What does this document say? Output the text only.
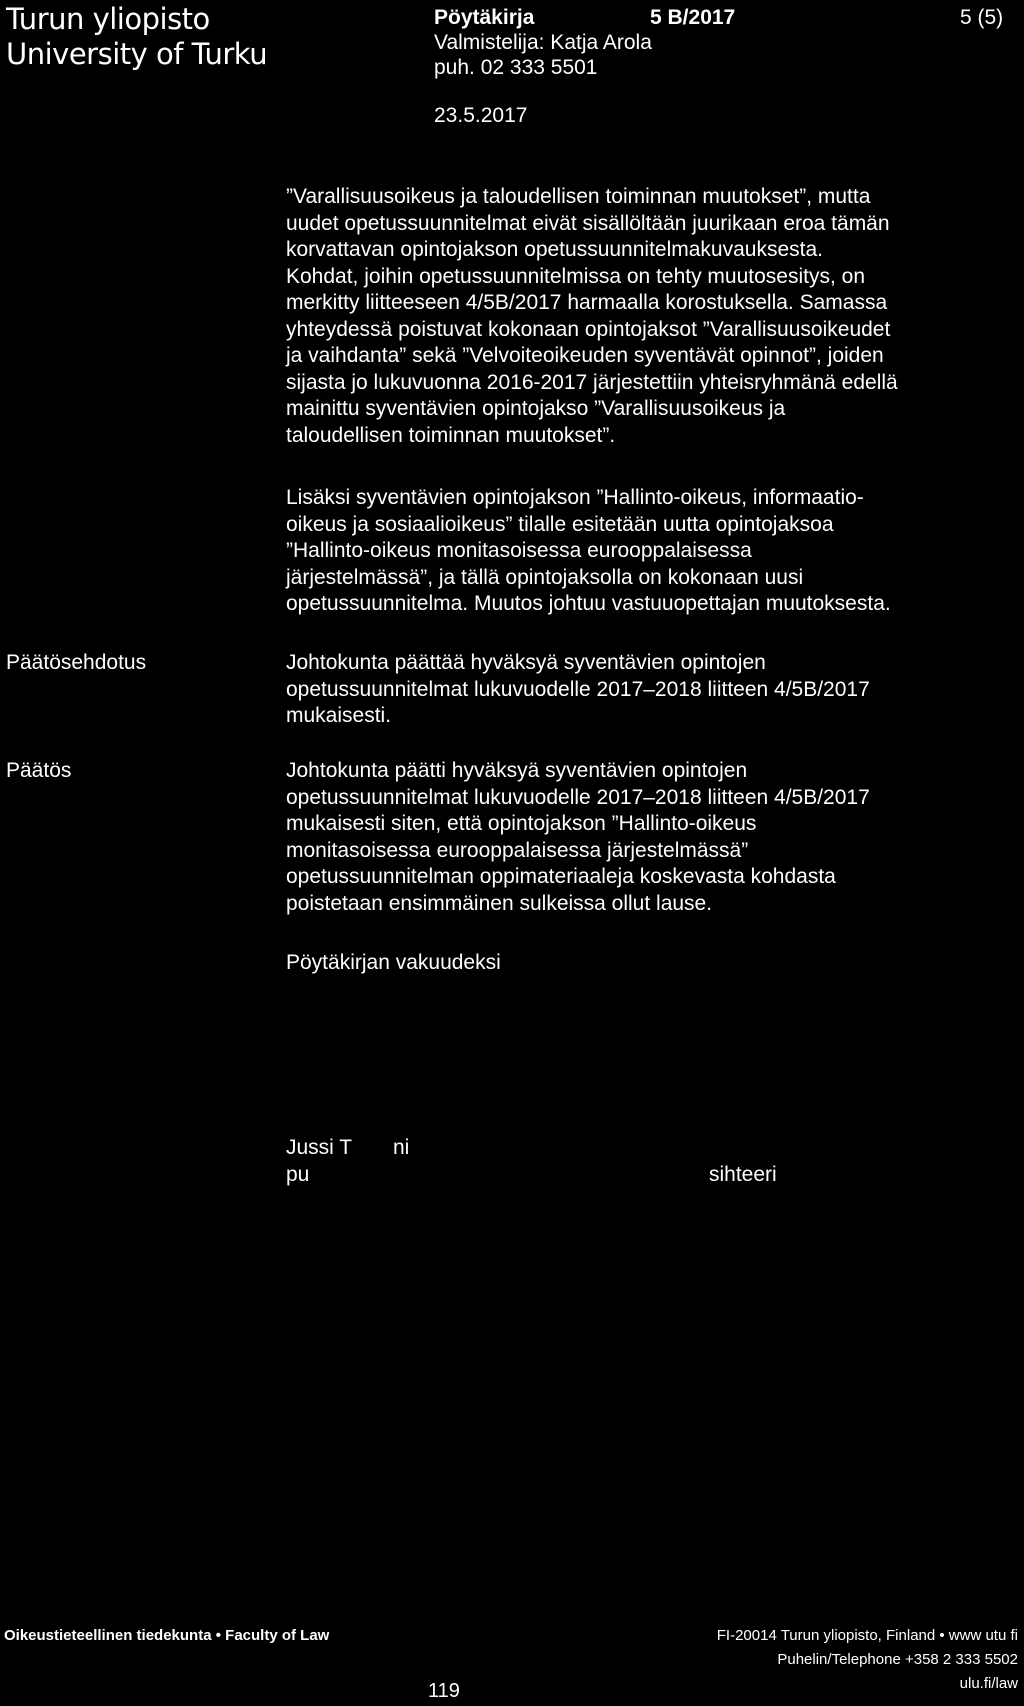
Turun yliopisto
University of Turku
Pöytäkirja
Valmistelija: Katja Arola
puh. 02 333 5501
5 B/2017	5 (5)
23.5.2017
”Varallisuusoikeus ja taloudellisen toiminnan muutokset”, mutta
uudet opetussuunnitelmat eivät sisällöltään juurikaan eroa tämän
korvattavan opintojakson opetussuunnitelmakuvauksesta.
Kohdat, joihin opetussuunnitelmissa on tehty muutosesitys, on
merkitty liitteeseen 4/5B/2017 harmaalla korostuksella. Samassa
yhteydessä poistuvat kokonaan opintojaksot ”Varallisuusoikeudet
ja vaihdanta” sekä ”Velvoiteoikeuden syventävät opinnot”, joiden
sijasta jo lukuvuonna 2016-2017 järjestettiin yhteisryhmänä edellä
mainittu syventävien opintojakso ”Varallisuusoikeus ja
taloudellisen toiminnan muutokset”.
Lisäksi syventävien opintojakson ”Hallinto-oikeus, informaatio-
oikeus ja sosiaalioikeus” tilalle esitetään uutta opintojaksoa
”Hallinto-oikeus monitasoisessa eurooppalaisessa
järjestelmässä”, ja tällä opintojaksolla on kokonaan uusi
opetussuunnitelma. Muutos johtuu vastuuopettajan muutoksesta.
Päätösehdotus	Johtokunta päättää hyväksyä syventävien opintojen
opetussuunnitelmat lukuvuodelle 2017–2018 liitteen 4/5B/2017
mukaisesti.
Päätös	Johtokunta päätti hyväksyä syventävien opintojen
opetussuunnitelmat lukuvuodelle 2017–2018 liitteen 4/5B/2017
mukaisesti siten, että opintojakson ”Hallinto-oikeus
monitasoisessa eurooppalaisessa järjestelmässä”
opetussuunnitelman oppimateriaaleja koskevasta kohdasta
poistetaan ensimmäinen sulkeissa ollut lause.
Pöytäkirjan vakuudeksi
Jussi T ni
pu	sihteeri
Oikeustieteellinen tiedekunta • Faculty of Law	FI-20014 Turun yliopisto, Finland • www utu fi
Puhelin/Telephone +358 2 333 5502
ulu.fi/law
119
